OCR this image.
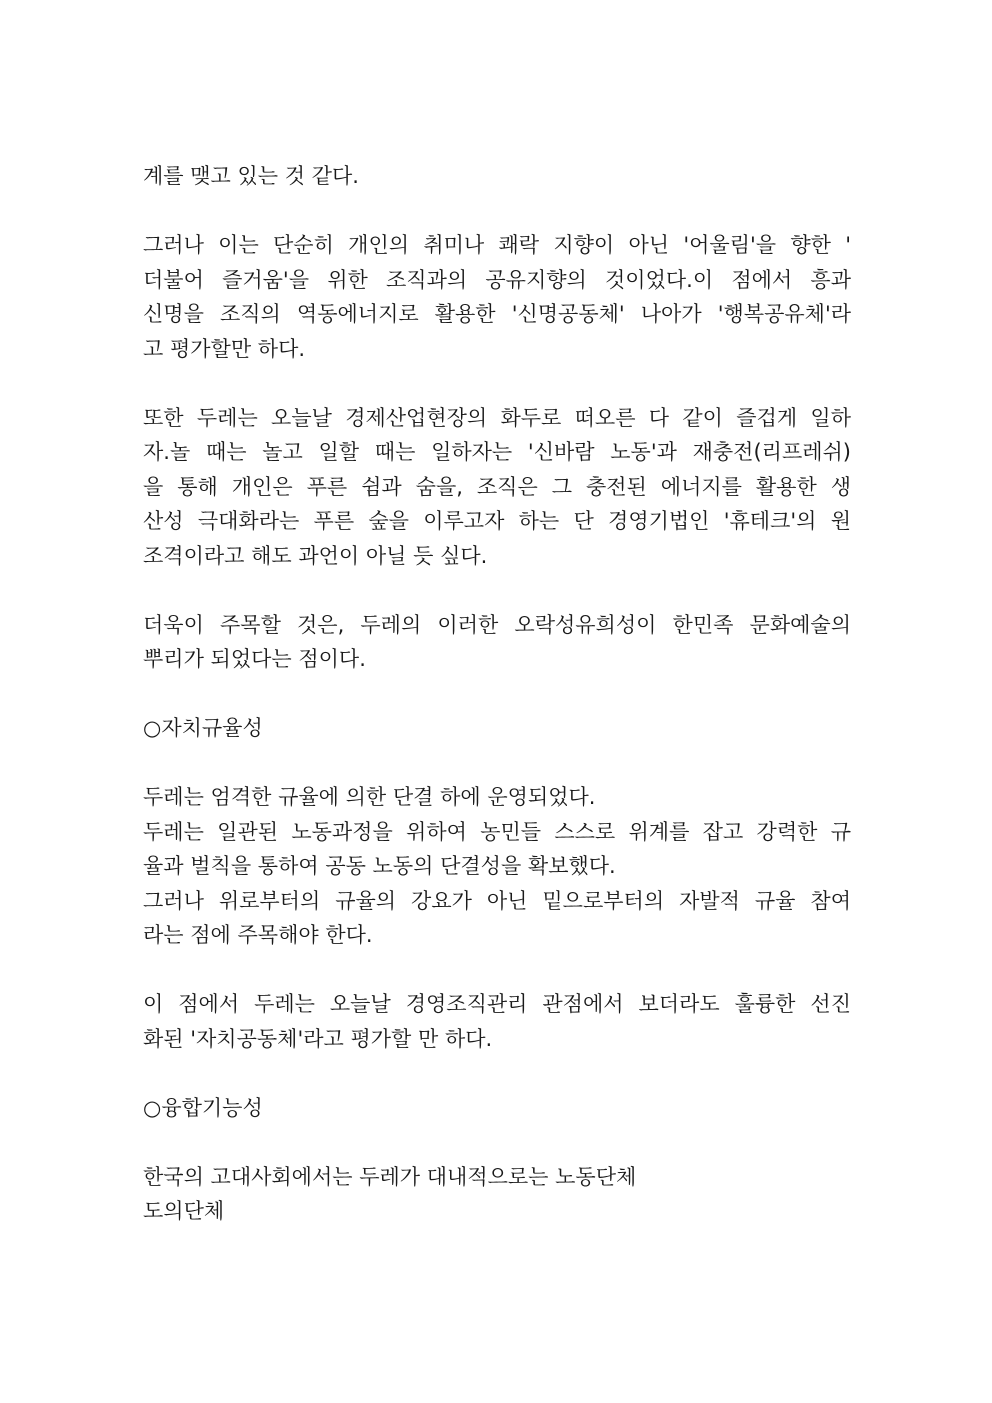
계를 맺고 있는 것 같다.

그러나 이는 단순히 개인의 취미나 쾌락 지향이 아닌 '어울림'을 향한 '
더불어 즐거움'을 위한 조직과의 공유지향의 것이었다.이 점에서 흥과
신명을 조직의 역동에너지로 활용한 '신명공동체' 나아가 '행복공유체'라
고 평가할만 하다.

또한 두레는 오늘날 경제산업현장의 화두로 떠오른 다 같이 즐겁게 일하
자.놀 때는 놀고 일할 때는 일하자는 '신바람 노동'과 재충전(리프레쉬)
을 통해 개인은 푸른 쉼과 숨을, 조직은 그 충전된 에너지를 활용한 생
산성 극대화라는 푸른 숲을 이루고자 하는 단 경영기법인 '휴테크'의 원
조격이라고 해도 과언이 아닐 듯 싶다.

더욱이 주목할 것은, 두레의 이러한 오락성유희성이 한민족 문화예술의
뿌리가 되었다는 점이다.

○자치규율성

두레는 엄격한 규율에 의한 단결 하에 운영되었다.
두레는 일관된 노동과정을 위하여 농민들 스스로 위계를 잡고 강력한 규
율과 벌칙을 통하여 공동 노동의 단결성을 확보했다.
그러나 위로부터의 규율의 강요가 아닌 밑으로부터의 자발적 규율 참여
라는 점에 주목해야 한다.

이 점에서 두레는 오늘날 경영조직관리 관점에서 보더라도 훌륭한 선진
화된 '자치공동체'라고 평가할 만 하다.

○융합기능성

한국의 고대사회에서는 두레가 대내적으로는 노동단체
도의단체
